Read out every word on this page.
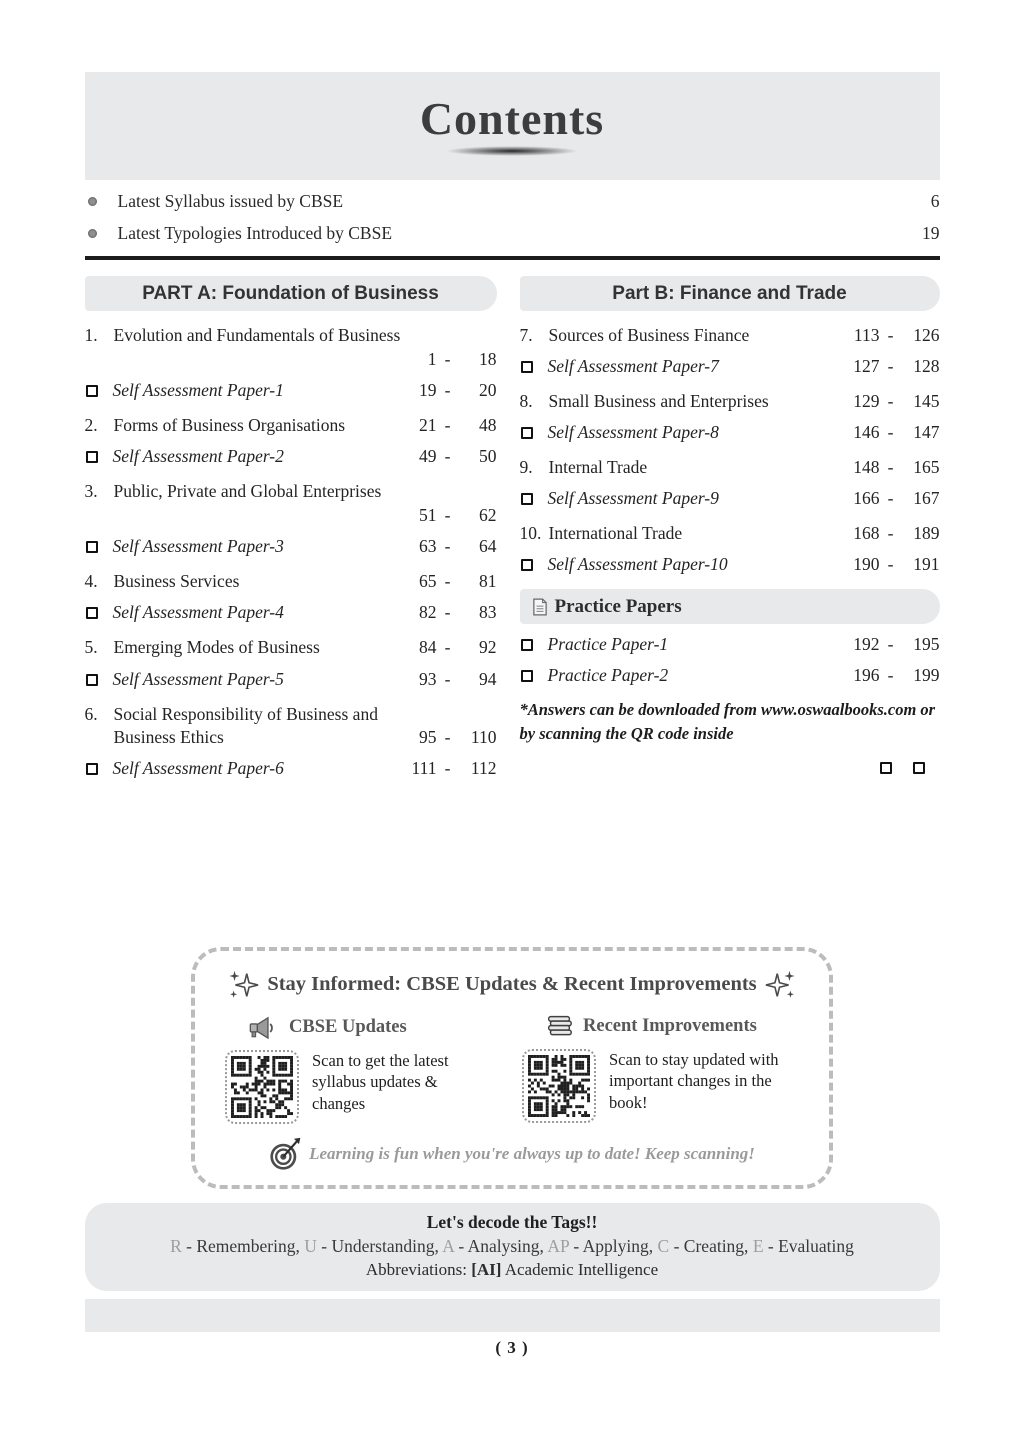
Contents
Latest Syllabus issued by CBSE	6
Latest Typologies Introduced by CBSE	19
PART A: Foundation of Business
1. Evolution and Fundamentals of Business
1 -	18
Self Assessment Paper-1	19 -	20
2. Forms of Business Organisations	21 -	48
Self Assessment Paper-2	49 -	50
3. Public, Private and Global Enterprises
51 -	62
Self Assessment Paper-3	63 -	64
4. Business Services	65 -	81
Self Assessment Paper-4	82 -	83
5. Emerging Modes of Business	84 -	92
Self Assessment Paper-5	93 -	94
6. Social Responsibility of Business and
Business Ethics	95 -	110
Self Assessment Paper-6	111 -	112
Part B: Finance and Trade
7. Sources of Business Finance	113 -	126
Self Assessment Paper-7	127 -	128
8. Small Business and Enterprises	129 -	145
Self Assessment Paper-8	146 -	147
9. Internal Trade	148 -	165
Self Assessment Paper-9	166 -	167
10. International Trade	168 -	189
Self Assessment Paper-10	190 -	191
Practice Papers
Practice Paper-1	192 -	195
Practice Paper-2	196 -	199
*Answers can be downloaded from www.oswaalbooks.com or by scanning the QR code inside
Stay Informed: CBSE Updates & Recent Improvements
CBSE Updates
Scan to get the latest syllabus updates & changes
Recent Improvements
Scan to stay updated with important changes in the book!
Learning is fun when you're always up to date! Keep scanning!
Let's decode the Tags!!
R - Remembering, U - Understanding, A - Analysing, AP - Applying, C - Creating, E - Evaluating
Abbreviations: [AI] Academic Intelligence
( 3 )
